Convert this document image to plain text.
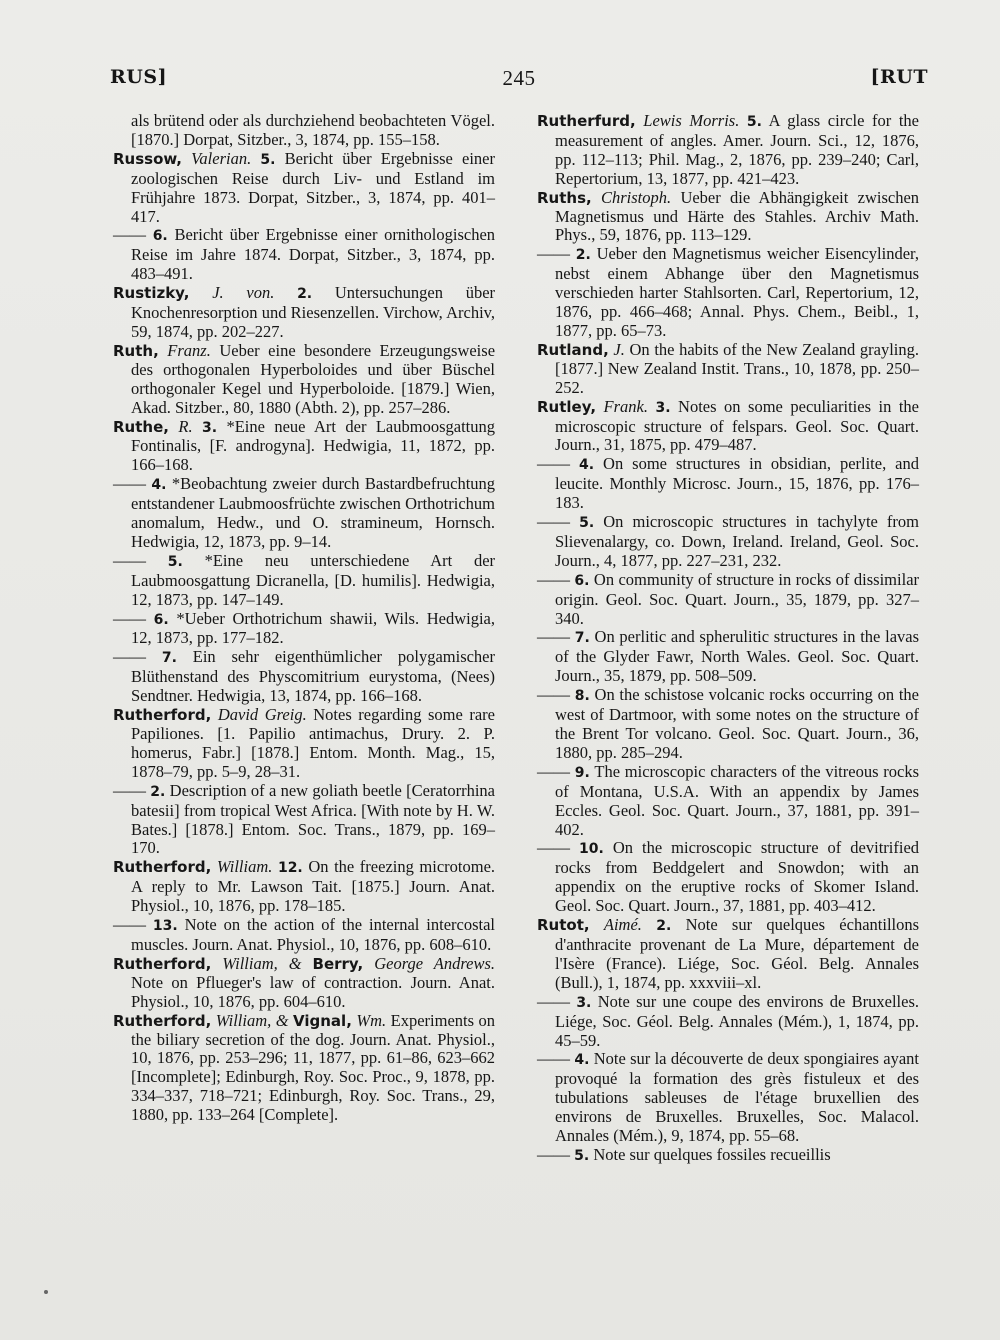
RUS]	245	[RUT

als brütend oder als durchziehend beobachteten Vögel. [1870.] Dorpat, Sitzber., 3, 1874, pp. 155–158.

Russow, Valerian. 5. Bericht über Ergebnisse einer zoologischen Reise durch Liv- und Estland im Frühjahre 1873. Dorpat, Sitzber., 3, 1874, pp. 401–417.

—— 6. Bericht über Ergebnisse einer ornithologischen Reise im Jahre 1874. Dorpat, Sitzber., 3, 1874, pp. 483–491.

Rustizky, J. von. 2. Untersuchungen über Knochenresorption und Riesenzellen. Virchow, Archiv, 59, 1874, pp. 202–227.

Ruth, Franz. Ueber eine besondere Erzeugungsweise des orthogonalen Hyperboloides und über Büschel orthogonaler Kegel und Hyperboloide. [1879.] Wien, Akad. Sitzber., 80, 1880 (Abth. 2), pp. 257–286.

Ruthe, R. 3. *Eine neue Art der Laubmoosgattung Fontinalis, [F. androgyna]. Hedwigia, 11, 1872, pp. 166–168.

—— 4. *Beobachtung zweier durch Bastardbefruchtung entstandener Laubmoosfrüchte zwischen Orthotrichum anomalum, Hedw., und O. stramineum, Hornsch. Hedwigia, 12, 1873, pp. 9–14.

—— 5. *Eine neu unterschiedene Art der Laubmoosgattung Dicranella, [D. humilis]. Hedwigia, 12, 1873, pp. 147–149.

—— 6. *Ueber Orthotrichum shawii, Wils. Hedwigia, 12, 1873, pp. 177–182.

—— 7. Ein sehr eigenthümlicher polygamischer Blüthenstand des Physcomitrium eurystoma, (Nees) Sendtner. Hedwigia, 13, 1874, pp. 166–168.

Rutherford, David Greig. Notes regarding some rare Papiliones. [1. Papilio antimachus, Drury. 2. P. homerus, Fabr.] [1878.] Entom. Month. Mag., 15, 1878–79, pp. 5–9, 28–31.

—— 2. Description of a new goliath beetle [Ceratorrhina batesii] from tropical West Africa. [With note by H. W. Bates.] [1878.] Entom. Soc. Trans., 1879, pp. 169–170.

Rutherford, William. 12. On the freezing microtome. A reply to Mr. Lawson Tait. [1875.] Journ. Anat. Physiol., 10, 1876, pp. 178–185.

—— 13. Note on the action of the internal intercostal muscles. Journ. Anat. Physiol., 10, 1876, pp. 608–610.

Rutherford, William, & Berry, George Andrews. Note on Pflueger's law of contraction. Journ. Anat. Physiol., 10, 1876, pp. 604–610.

Rutherford, William, & Vignal, Wm. Experiments on the biliary secretion of the dog. Journ. Anat. Physiol., 10, 1876, pp. 253–296; 11, 1877, pp. 61–86, 623–662 [Incomplete]; Edinburgh, Roy. Soc. Proc., 9, 1878, pp. 334–337, 718–721; Edinburgh, Roy. Soc. Trans., 29, 1880, pp. 133–264 [Complete].

Rutherfurd, Lewis Morris. 5. A glass circle for the measurement of angles. Amer. Journ. Sci., 12, 1876, pp. 112–113; Phil. Mag., 2, 1876, pp. 239–240; Carl, Repertorium, 13, 1877, pp. 421–423.

Ruths, Christoph. Ueber die Abhängigkeit zwischen Magnetismus und Härte des Stahles. Archiv Math. Phys., 59, 1876, pp. 113–129.

—— 2. Ueber den Magnetismus weicher Eisencylinder, nebst einem Abhange über den Magnetismus verschieden harter Stahlsorten. Carl, Repertorium, 12, 1876, pp. 466–468; Annal. Phys. Chem., Beibl., 1, 1877, pp. 65–73.

Rutland, J. On the habits of the New Zealand grayling. [1877.] New Zealand Instit. Trans., 10, 1878, pp. 250–252.

Rutley, Frank. 3. Notes on some peculiarities in the microscopic structure of felspars. Geol. Soc. Quart. Journ., 31, 1875, pp. 479–487.

—— 4. On some structures in obsidian, perlite, and leucite. Monthly Microsc. Journ., 15, 1876, pp. 176–183.

—— 5. On microscopic structures in tachylyte from Slievenalargy, co. Down, Ireland. Ireland, Geol. Soc. Journ., 4, 1877, pp. 227–231, 232.

—— 6. On community of structure in rocks of dissimilar origin. Geol. Soc. Quart. Journ., 35, 1879, pp. 327–340.

—— 7. On perlitic and spherulitic structures in the lavas of the Glyder Fawr, North Wales. Geol. Soc. Quart. Journ., 35, 1879, pp. 508–509.

—— 8. On the schistose volcanic rocks occurring on the west of Dartmoor, with some notes on the structure of the Brent Tor volcano. Geol. Soc. Quart. Journ., 36, 1880, pp. 285–294.

—— 9. The microscopic characters of the vitreous rocks of Montana, U.S.A. With an appendix by James Eccles. Geol. Soc. Quart. Journ., 37, 1881, pp. 391–402.

—— 10. On the microscopic structure of devitrified rocks from Beddgelert and Snowdon; with an appendix on the eruptive rocks of Skomer Island. Geol. Soc. Quart. Journ., 37, 1881, pp. 403–412.

Rutot, Aimé. 2. Note sur quelques échantillons d'anthracite provenant de La Mure, département de l'Isère (France). Liége, Soc. Géol. Belg. Annales (Bull.), 1, 1874, pp. xxxviii–xl.

—— 3. Note sur une coupe des environs de Bruxelles. Liége, Soc. Géol. Belg. Annales (Mém.), 1, 1874, pp. 45–59.

—— 4. Note sur la découverte de deux spongiaires ayant provoqué la formation des grès fistuleux et des tubulations sableuses de l'étage bruxellien des environs de Bruxelles. Bruxelles, Soc. Malacol. Annales (Mém.), 9, 1874, pp. 55–68.

—— 5. Note sur quelques fossiles recueillis
